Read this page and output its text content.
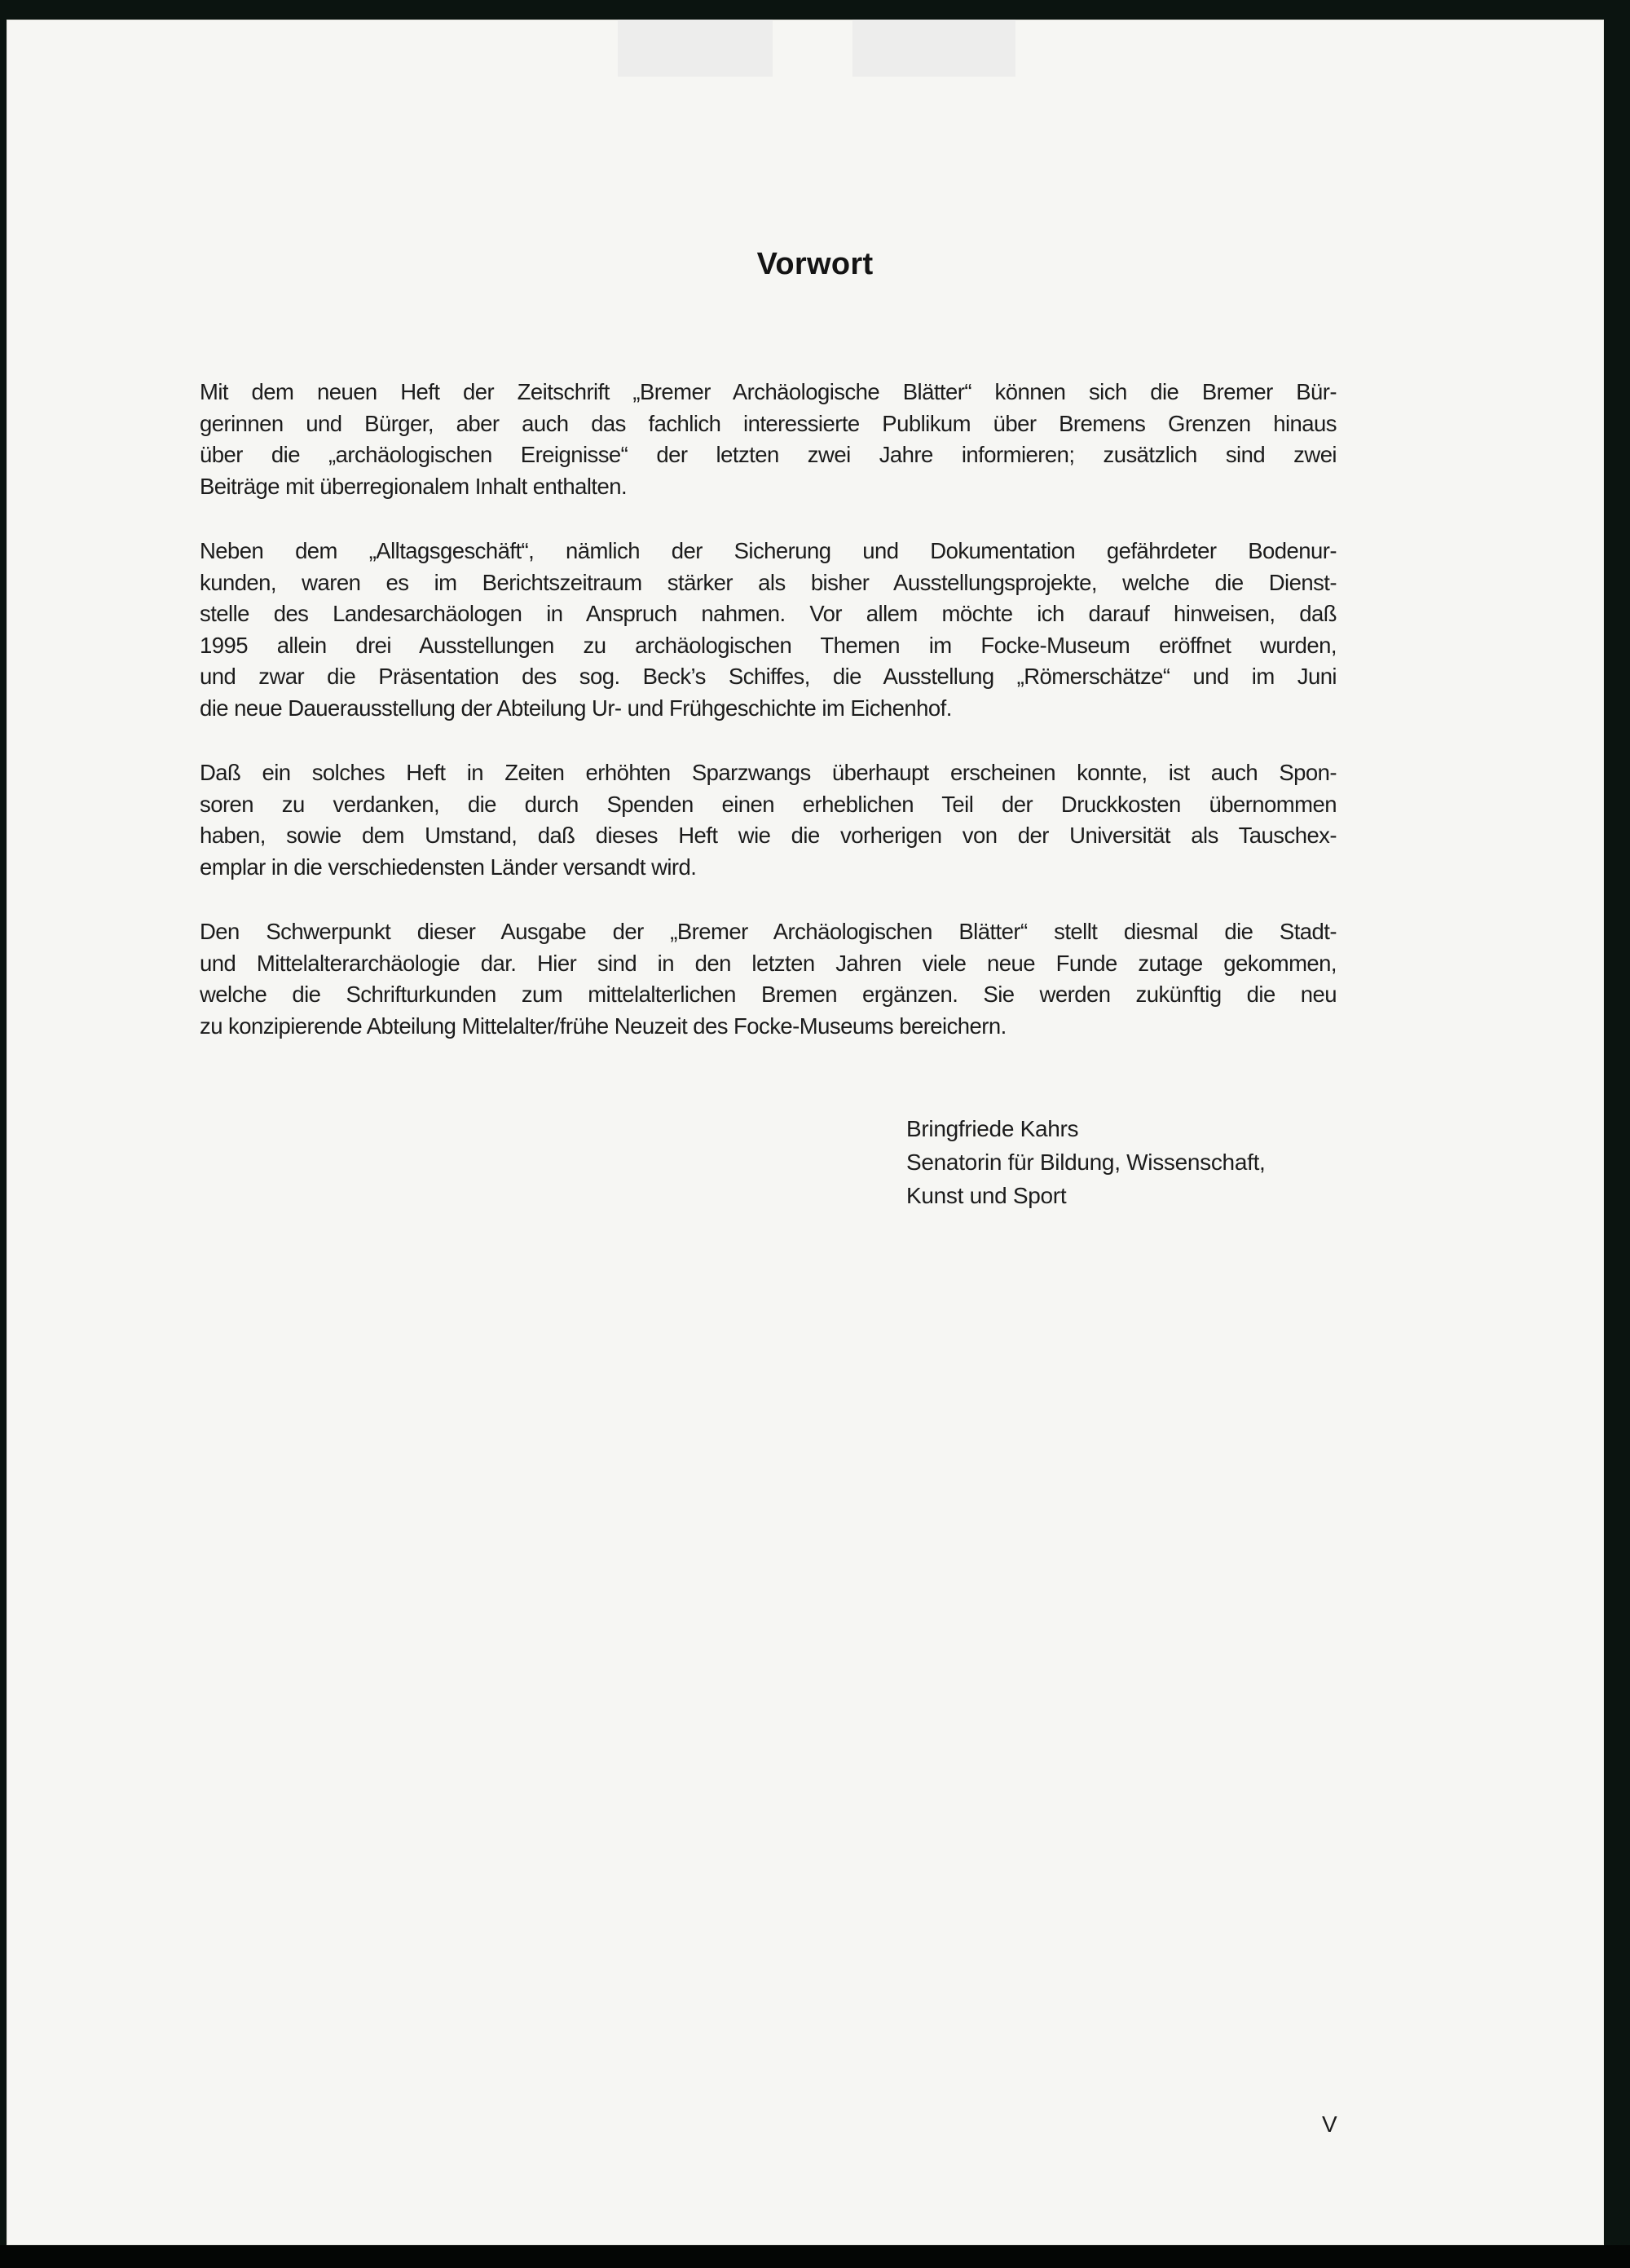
Vorwort

Mit dem neuen Heft der Zeitschrift „Bremer Archäologische Blätter“ können sich die Bremer Bür-
gerinnen und Bürger, aber auch das fachlich interessierte Publikum über Bremens Grenzen hinaus
über die „archäologischen Ereignisse“ der letzten zwei Jahre informieren; zusätzlich sind zwei
Beiträge mit überregionalem Inhalt enthalten.

Neben dem „Alltagsgeschäft“, nämlich der Sicherung und Dokumentation gefährdeter Bodenur-
kunden, waren es im Berichtszeitraum stärker als bisher Ausstellungsprojekte, welche die Dienst-
stelle des Landesarchäologen in Anspruch nahmen. Vor allem möchte ich darauf hinweisen, daß
1995 allein drei Ausstellungen zu archäologischen Themen im Focke-Museum eröffnet wurden,
und zwar die Präsentation des sog. Beck’s Schiffes, die Ausstellung „Römerschätze“ und im Juni
die neue Dauerausstellung der Abteilung Ur- und Frühgeschichte im Eichenhof.

Daß ein solches Heft in Zeiten erhöhten Sparzwangs überhaupt erscheinen konnte, ist auch Spon-
soren zu verdanken, die durch Spenden einen erheblichen Teil der Druckkosten übernommen
haben, sowie dem Umstand, daß dieses Heft wie die vorherigen von der Universität als Tauschex-
emplar in die verschiedensten Länder versandt wird.

Den Schwerpunkt dieser Ausgabe der „Bremer Archäologischen Blätter“ stellt diesmal die Stadt-
und Mittelalterarchäologie dar. Hier sind in den letzten Jahren viele neue Funde zutage gekommen,
welche die Schrifturkunden zum mittelalterlichen Bremen ergänzen. Sie werden zukünftig die neu
zu konzipierende Abteilung Mittelalter/frühe Neuzeit des Focke-Museums bereichern.

Bringfriede Kahrs
Senatorin für Bildung, Wissenschaft,
Kunst und Sport
V
